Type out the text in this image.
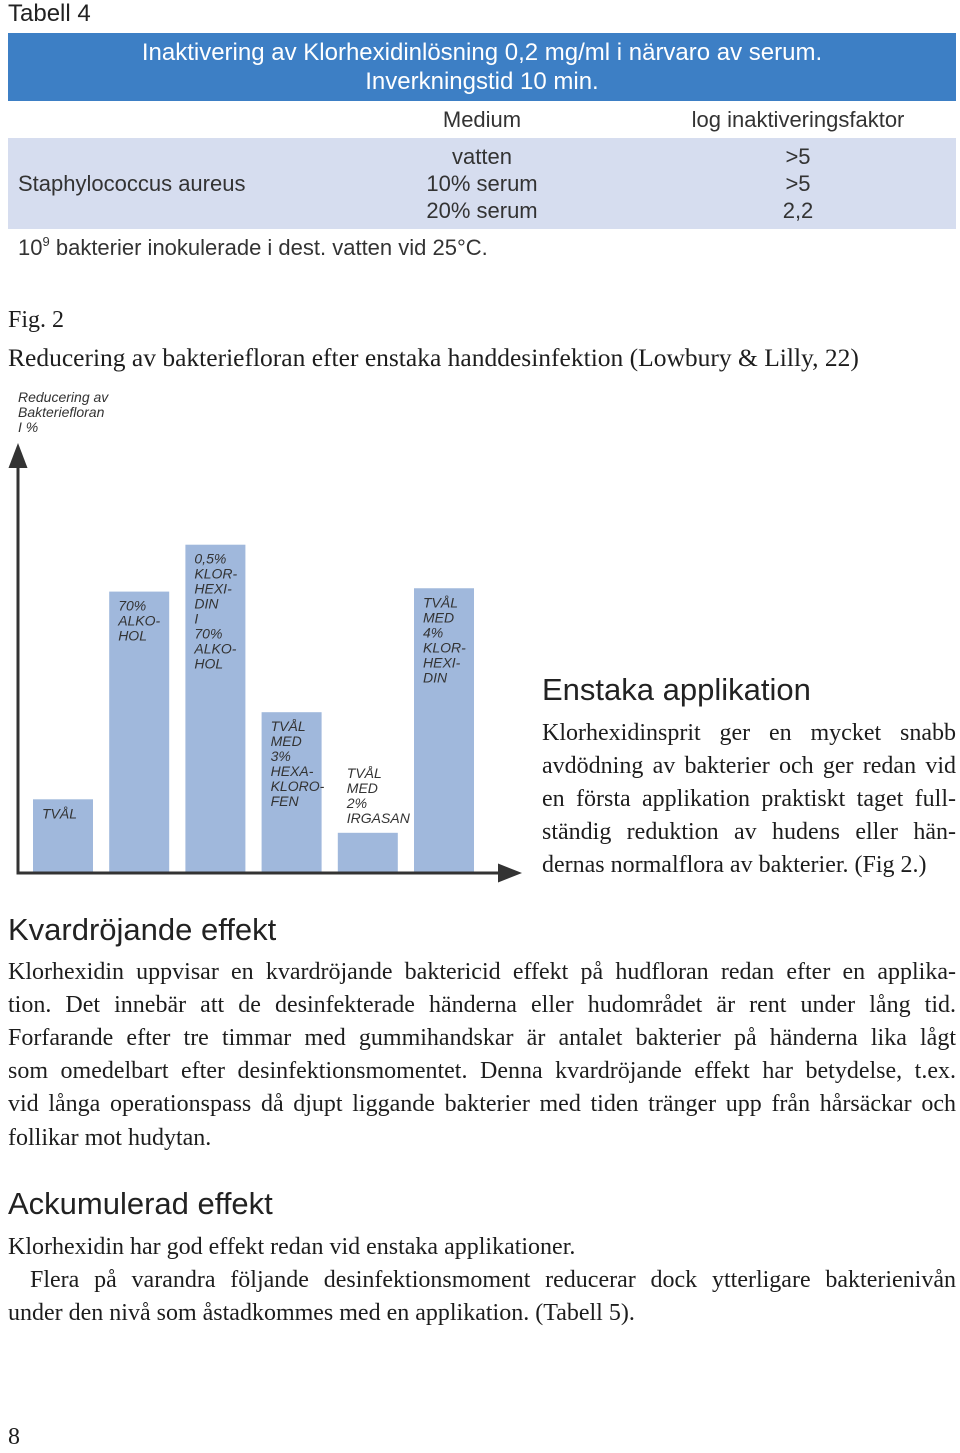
Tabell 4
Inaktivering av Klorhexidinlösning 0,2 mg/ml i närvaro av serum.
Inverkningstid 10 min.
Medium	log inaktiveringsfaktor
vatten	>5
Staphylococcus aureus	10% serum	>5
20% serum	2,2
$10^9$ bakterier inokulerade i dest. vatten vid 25°C.
Fig. 2
Reducering av bakteriefloran efter enstaka handdesinfektion (Lowbury & Lilly, 22)
Reducering av
Bakteriefloran
I %
TVÅL
70% ALKO-HOL
0,5% KLOR-HEXI-DIN I 70% ALKO-HOL
TVÅL MED 3% HEXA-KLORO-FEN
TVÅL MED 2% IRGASAN
TVÅL MED 4% KLOR-HEXI-DIN	Enstaka applikation
Klorhexidinsprit ger en mycket snabb
avdödning av bakterier och ger redan vid
en första applikation praktiskt taget full-
ständig reduktion av hudens eller hän-
dernas normalflora av bakterier. (Fig 2.)
Kvardröjande effekt
Klorhexidin uppvisar en kvardröjande baktericid effekt på hudfloran redan efter en applika-
tion. Det innebär att de desinfekterade händerna eller hudområdet är rent under lång tid.
Forfarande efter tre timmar med gummihandskar är antalet bakterier på händerna lika lågt
som omedelbart efter desinfektionsmomentet. Denna kvardröjande effekt har betydelse, t.ex.
vid långa operationspass då djupt liggande bakterier med tiden tränger upp från hårsäckar och
follikar mot hudytan.
Ackumulerad effekt
Klorhexidin har god effekt redan vid enstaka applikationer.
Flera på varandra följande desinfektionsmoment reducerar dock ytterligare bakterienivån
under den nivå som åstadkommes med en applikation. (Tabell 5).
8
